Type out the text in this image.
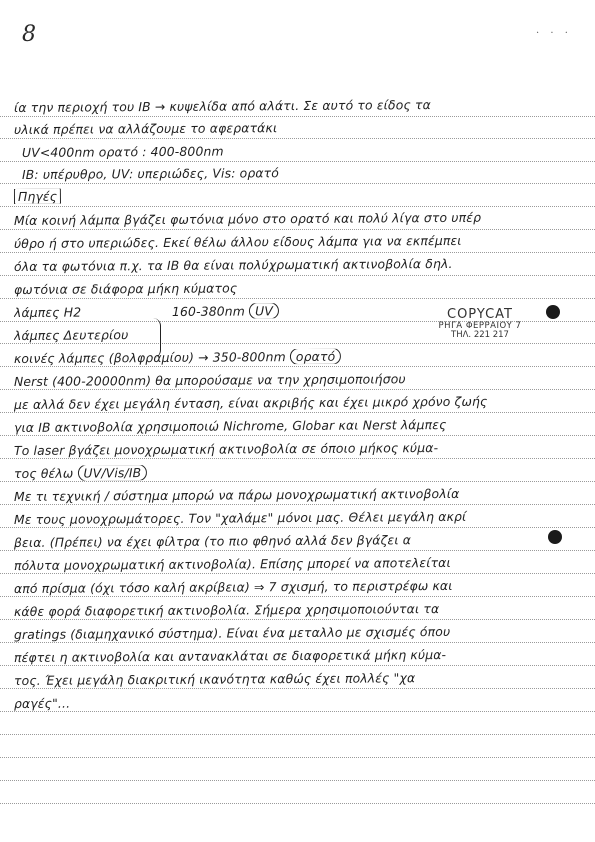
8	· · ·
ία την περιοχή του ΙΒ → κυψελίδα από αλάτι. Σε αυτό το είδος τα
υλικά πρέπει να αλλάζουμε το αφερατάκι
UV<400nm ορατό : 400-800nm
ΙΒ: υπέρυθρο, UV: υπεριώδες, Vis: ορατό
Πηγές
Μία κοινή λάμπα βγάζει φωτόνια μόνο στο ορατό και πολύ λίγα στο υπέρ
ύθρο ή στο υπεριώδες. Εκεί θέλω άλλου είδους λάμπα για να εκπέμπει
όλα τα φωτόνια π.χ. τα ΙΒ θα είναι πολύχρωματική ακτινοβολία δηλ.
φωτόνια σε διάφορα μήκη κύματος
λάμπες Η2	160-380nm UV
λάμπες Δευτερίου
κοινές λάμπες (βολφραμίου) → 350-800nm ορατό
Nerst (400-20000nm) θα μπορούσαμε να την χρησιμοποιήσου
με αλλά δεν έχει μεγάλη ένταση, είναι ακριβής και έχει μικρό χρόνο ζωής
για ΙΒ ακτινοβολία χρησιμοποιώ Nichrome, Globar και Nerst λάμπες
Το laser βγάζει μονοχρωματική ακτινοβολία σε όποιο μήκος κύμα-
τος θέλω UV/Vis/IB
Με τι τεχνική / σύστημα μπορώ να πάρω μονοχρωματική ακτινοβολία
Με τους μονοχρωμάτορες. Τον "χαλάμε" μόνοι μας. Θέλει μεγάλη ακρί
βεια. (Πρέπει) να έχει φίλτρα (το πιο φθηνό αλλά δεν βγάζει α
πόλυτα μονοχρωματική ακτινοβολία). Επίσης μπορεί να αποτελείται
από πρίσμα (όχι τόσο καλή ακρίβεια) ⇒ 7 σχισμή, το περιστρέφω και
κάθε φορά διαφορετική ακτινοβολία. Σήμερα χρησιμοποιούνται τα
gratings (διαμηχανικό σύστημα). Είναι ένα μεταλλο με σχισμές όπου
πέφτει η ακτινοβολία και αντανακλάται σε διαφορετικά μήκη κύμα-
τος. Έχει μεγάλη διακριτική ικανότητα καθώς έχει πολλές "χα
ραγές"...
COPYCAT
ΡΗΓΑ ΦΕΡΡΑΙΟΥ 7
ΤΗΛ. 221 217
